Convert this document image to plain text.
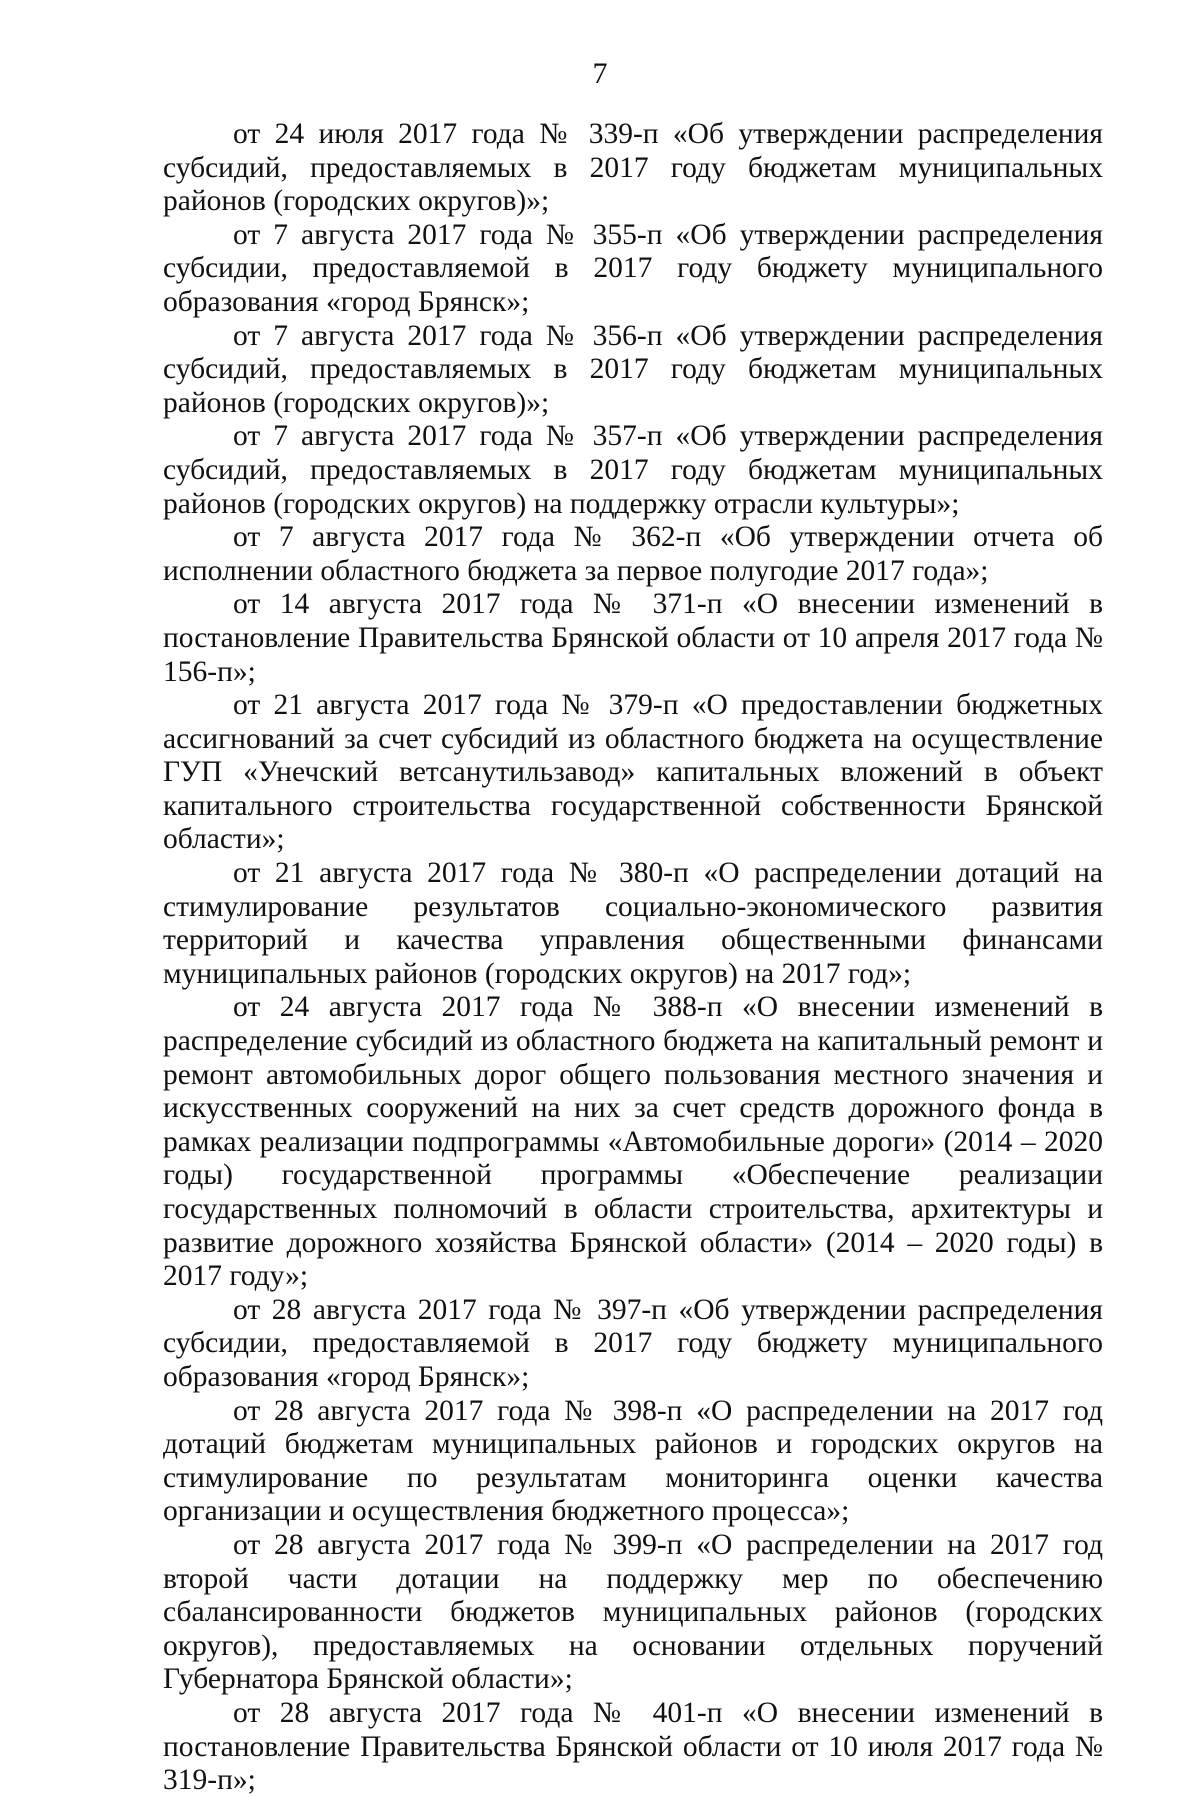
7

от 24 июля 2017 года № 339-п «Об утверждении распределения субсидий, предоставляемых в 2017 году бюджетам муниципальных районов (городских округов)»;

от 7 августа 2017 года № 355-п «Об утверждении распределения субсидии, предоставляемой в 2017 году бюджету муниципального образования «город Брянск»;

от 7 августа 2017 года № 356-п «Об утверждении распределения субсидий, предоставляемых в 2017 году бюджетам муниципальных районов (городских округов)»;

от 7 августа 2017 года № 357-п «Об утверждении распределения субсидий, предоставляемых в 2017 году бюджетам муниципальных районов (городских округов) на поддержку отрасли культуры»;

от 7 августа 2017 года № 362-п «Об утверждении отчета об исполнении областного бюджета за первое полугодие 2017 года»;

от 14 августа 2017 года № 371-п «О внесении изменений в постановление Правительства Брянской области от 10 апреля 2017 года № 156-п»;

от 21 августа 2017 года № 379-п «О предоставлении бюджетных ассигнований за счет субсидий из областного бюджета на осуществление ГУП «Унечский ветсанутильзавод» капитальных вложений в объект капитального строительства государственной собственности Брянской области»;

от 21 августа 2017 года № 380-п «О распределении дотаций на стимулирование результатов социально-экономического развития территорий и качества управления общественными финансами муниципальных районов (городских округов) на 2017 год»;

от 24 августа 2017 года № 388-п «О внесении изменений в распределение субсидий из областного бюджета на капитальный ремонт и ремонт автомобильных дорог общего пользования местного значения и искусственных сооружений на них за счет средств дорожного фонда в рамках реализации подпрограммы «Автомобильные дороги» (2014 – 2020 годы) государственной программы «Обеспечение реализации государственных полномочий в области строительства, архитектуры и развитие дорожного хозяйства Брянской области» (2014 – 2020 годы) в 2017 году»;

от 28 августа 2017 года № 397-п «Об утверждении распределения субсидии, предоставляемой в 2017 году бюджету муниципального образования «город Брянск»;

от 28 августа 2017 года № 398-п «О распределении на 2017 год дотаций бюджетам муниципальных районов и городских округов на стимулирование по результатам мониторинга оценки качества организации и осуществления бюджетного процесса»;

от 28 августа 2017 года № 399-п «О распределении на 2017 год второй части дотации на поддержку мер по обеспечению сбалансированности бюджетов муниципальных районов (городских округов), предоставляемых на основании отдельных поручений Губернатора Брянской области»;

от 28 августа 2017 года № 401-п «О внесении изменений в постановление Правительства Брянской области от 10 июля 2017 года № 319-п»;
